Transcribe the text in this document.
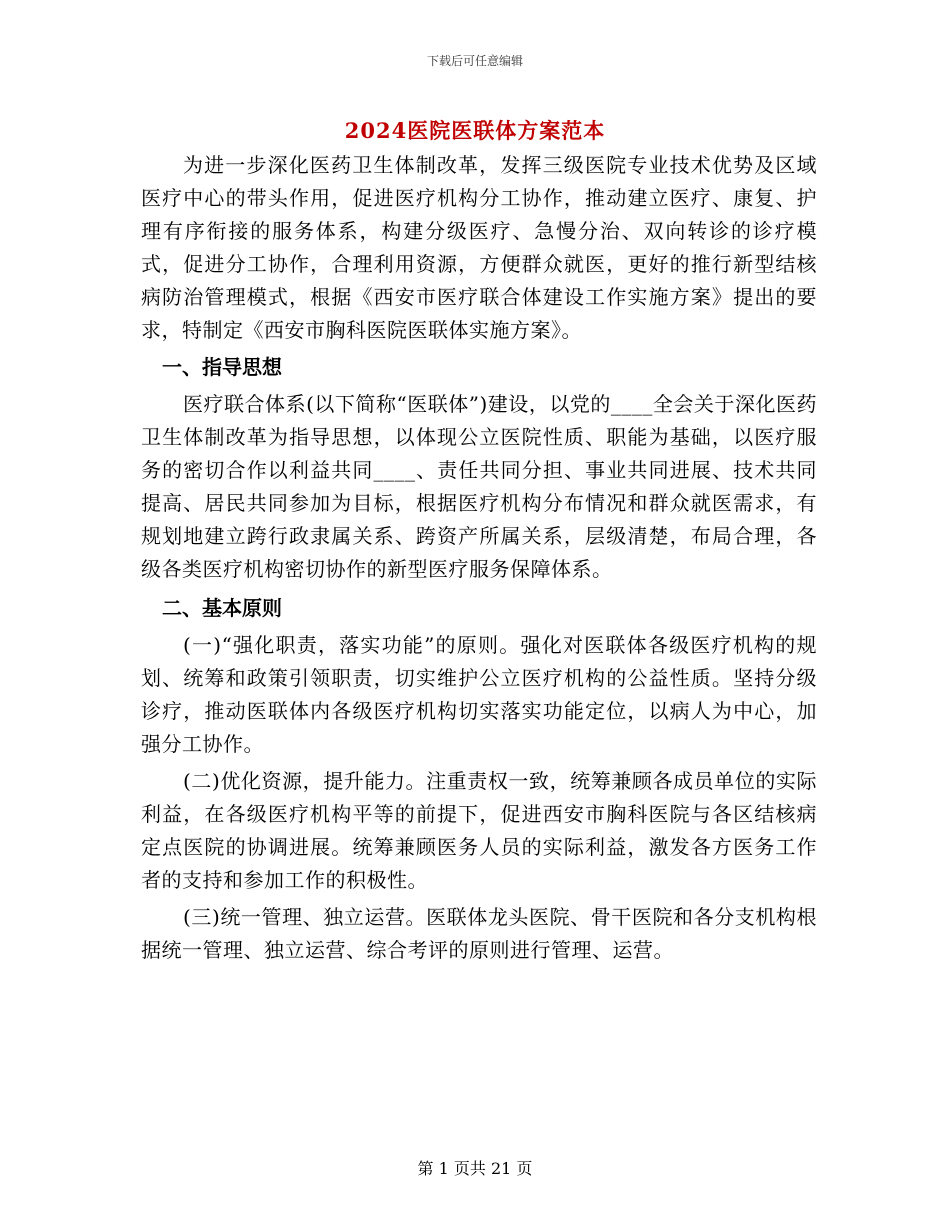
下载后可任意编辑
2024医院医联体方案范本

为进一步深化医药卫生体制改革，发挥三级医院专业技术优势及区域医疗中心的带头作用，促进医疗机构分工协作，推动建立医疗、康复、护理有序衔接的服务体系，构建分级医疗、急慢分治、双向转诊的诊疗模式，促进分工协作，合理利用资源，方便群众就医，更好的推行新型结核病防治管理模式，根据《西安市医疗联合体建设工作实施方案》提出的要求，特制定《西安市胸科医院医联体实施方案》。

一、指导思想

医疗联合体系(以下简称“医联体”)建设，以党的____全会关于深化医药卫生体制改革为指导思想，以体现公立医院性质、职能为基础，以医疗服务的密切合作以利益共同____、责任共同分担、事业共同进展、技术共同提高、居民共同参加为目标，根据医疗机构分布情况和群众就医需求，有规划地建立跨行政隶属关系、跨资产所属关系，层级清楚，布局合理，各级各类医疗机构密切协作的新型医疗服务保障体系。

二、基本原则

(一)“强化职责，落实功能”的原则。强化对医联体各级医疗机构的规划、统筹和政策引领职责，切实维护公立医疗机构的公益性质。坚持分级诊疗，推动医联体内各级医疗机构切实落实功能定位，以病人为中心，加强分工协作。

(二)优化资源，提升能力。注重责权一致，统筹兼顾各成员单位的实际利益，在各级医疗机构平等的前提下，促进西安市胸科医院与各区结核病定点医院的协调进展。统筹兼顾医务人员的实际利益，激发各方医务工作者的支持和参加工作的积极性。

(三)统一管理、独立运营。医联体龙头医院、骨干医院和各分支机构根据统一管理、独立运营、综合考评的原则进行管理、运营。

第 1 页共 21 页
